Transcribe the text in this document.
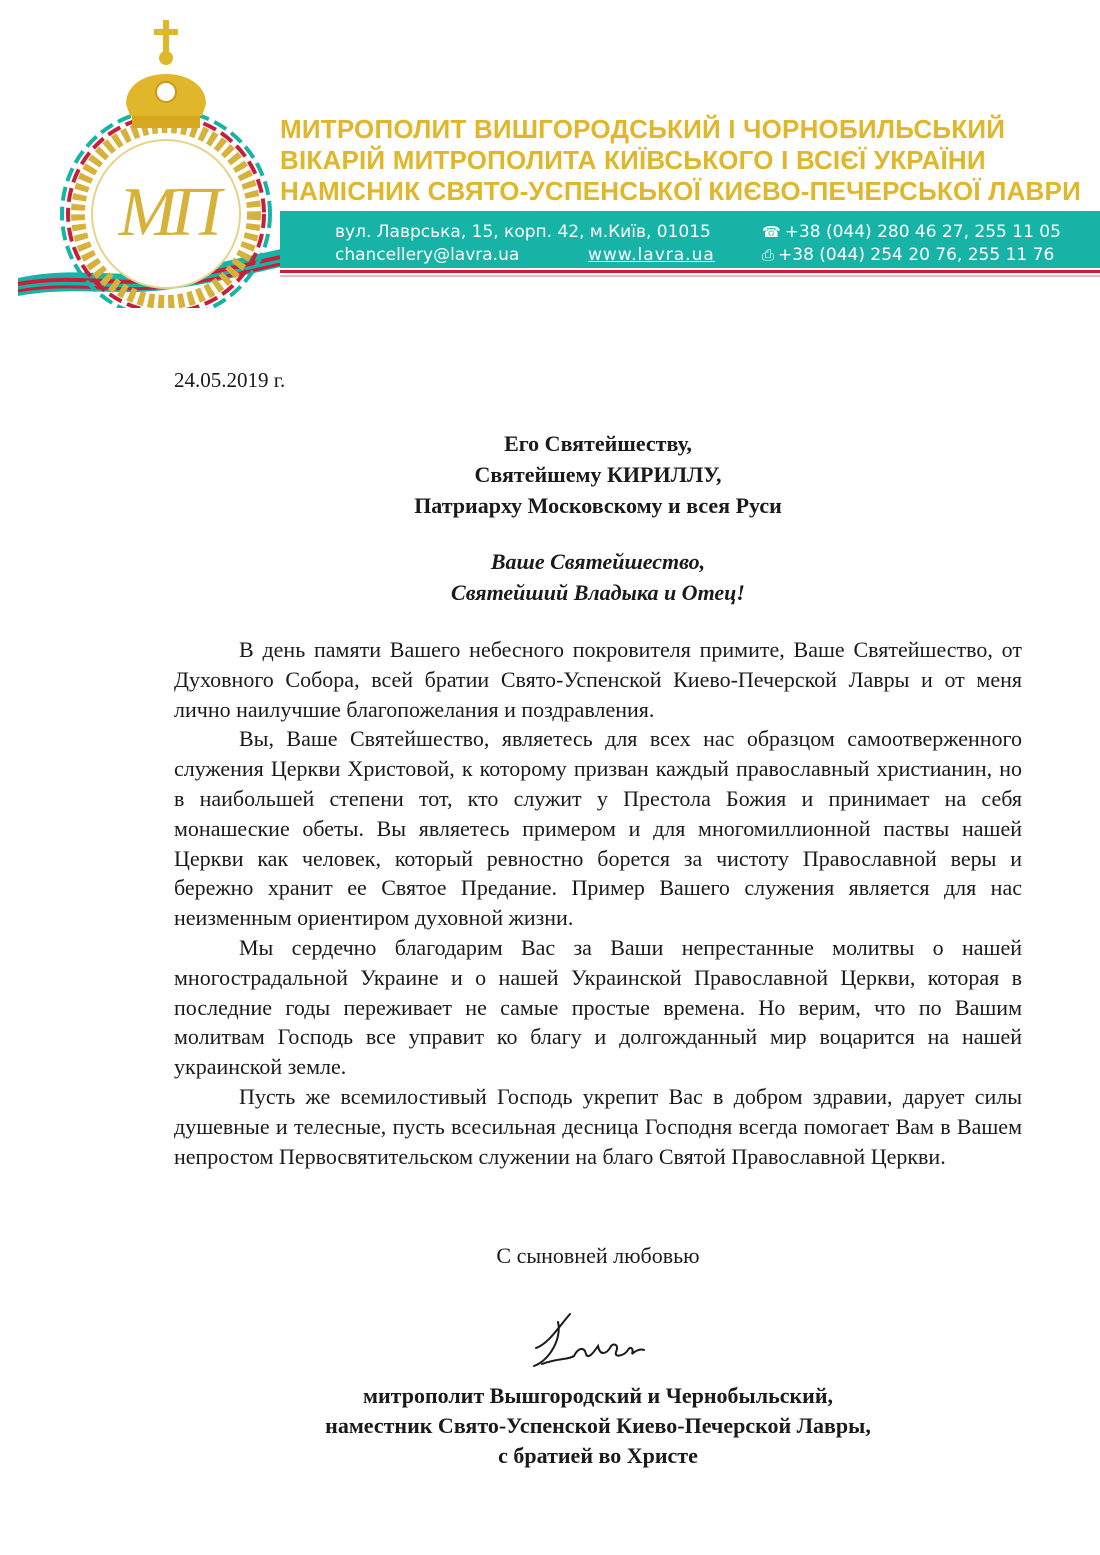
МП
МИТРОПОЛИТ ВИШГОРОДСЬКИЙ І ЧОРНОБИЛЬСЬКИЙ
ВІКАРІЙ МИТРОПОЛИТА КИЇВСЬКОГО І ВСІЄЇ УКРАЇНИ
НАМІСНИК СВЯТО-УСПЕНСЬКОЇ КИЄВО-ПЕЧЕРСЬКОЇ ЛАВРИ
вул. Лаврська, 15, корп. 42, м.Київ, 01015
chancellery@lavra.ua	www.lavra.ua
☎ +38 (044) 280 46 27, 255 11 05
⎙ +38 (044) 254 20 76, 255 11 76
24.05.2019 г.
Его Святейшеству,
Святейшему КИРИЛЛУ,
Патриарху Московскому и всея Руси
Ваше Святейшество,
Святейший Владыка и Отец!

В день памяти Вашего небесного покровителя примите, Ваше Святейшество, от Духовного Собора, всей братии Свято-Успенской Киево-Печерской Лавры и от меня лично наилучшие благопожелания и поздравления.

Вы, Ваше Святейшество, являетесь для всех нас образцом самоотверженного служения Церкви Христовой, к которому призван каждый православный христианин, но в наибольшей степени тот, кто служит у Престола Божия и принимает на себя монашеские обеты. Вы являетесь примером и для многомиллионной паствы нашей Церкви как человек, который ревностно борется за чистоту Православной веры и бережно хранит ее Святое Предание. Пример Вашего служения является для нас неизменным ориентиром духовной жизни.

Мы сердечно благодарим Вас за Ваши непрестанные молитвы о нашей многострадальной Украине и о нашей Украинской Православной Церкви, которая в последние годы переживает не самые простые времена. Но верим, что по Вашим молитвам Господь все управит ко благу и долгожданный мир воцарится на нашей украинской земле.

Пусть же всемилостивый Господь укрепит Вас в добром здравии, дарует силы душевные и телесные, пусть всесильная десница Господня всегда помогает Вам в Вашем непростом Первосвятительском служении на благо Святой Православной Церкви.

С сыновней любовью
митрополит Вышгородский и Чернобыльский,
наместник Свято-Успенской Киево-Печерской Лавры,
с братией во Христе
